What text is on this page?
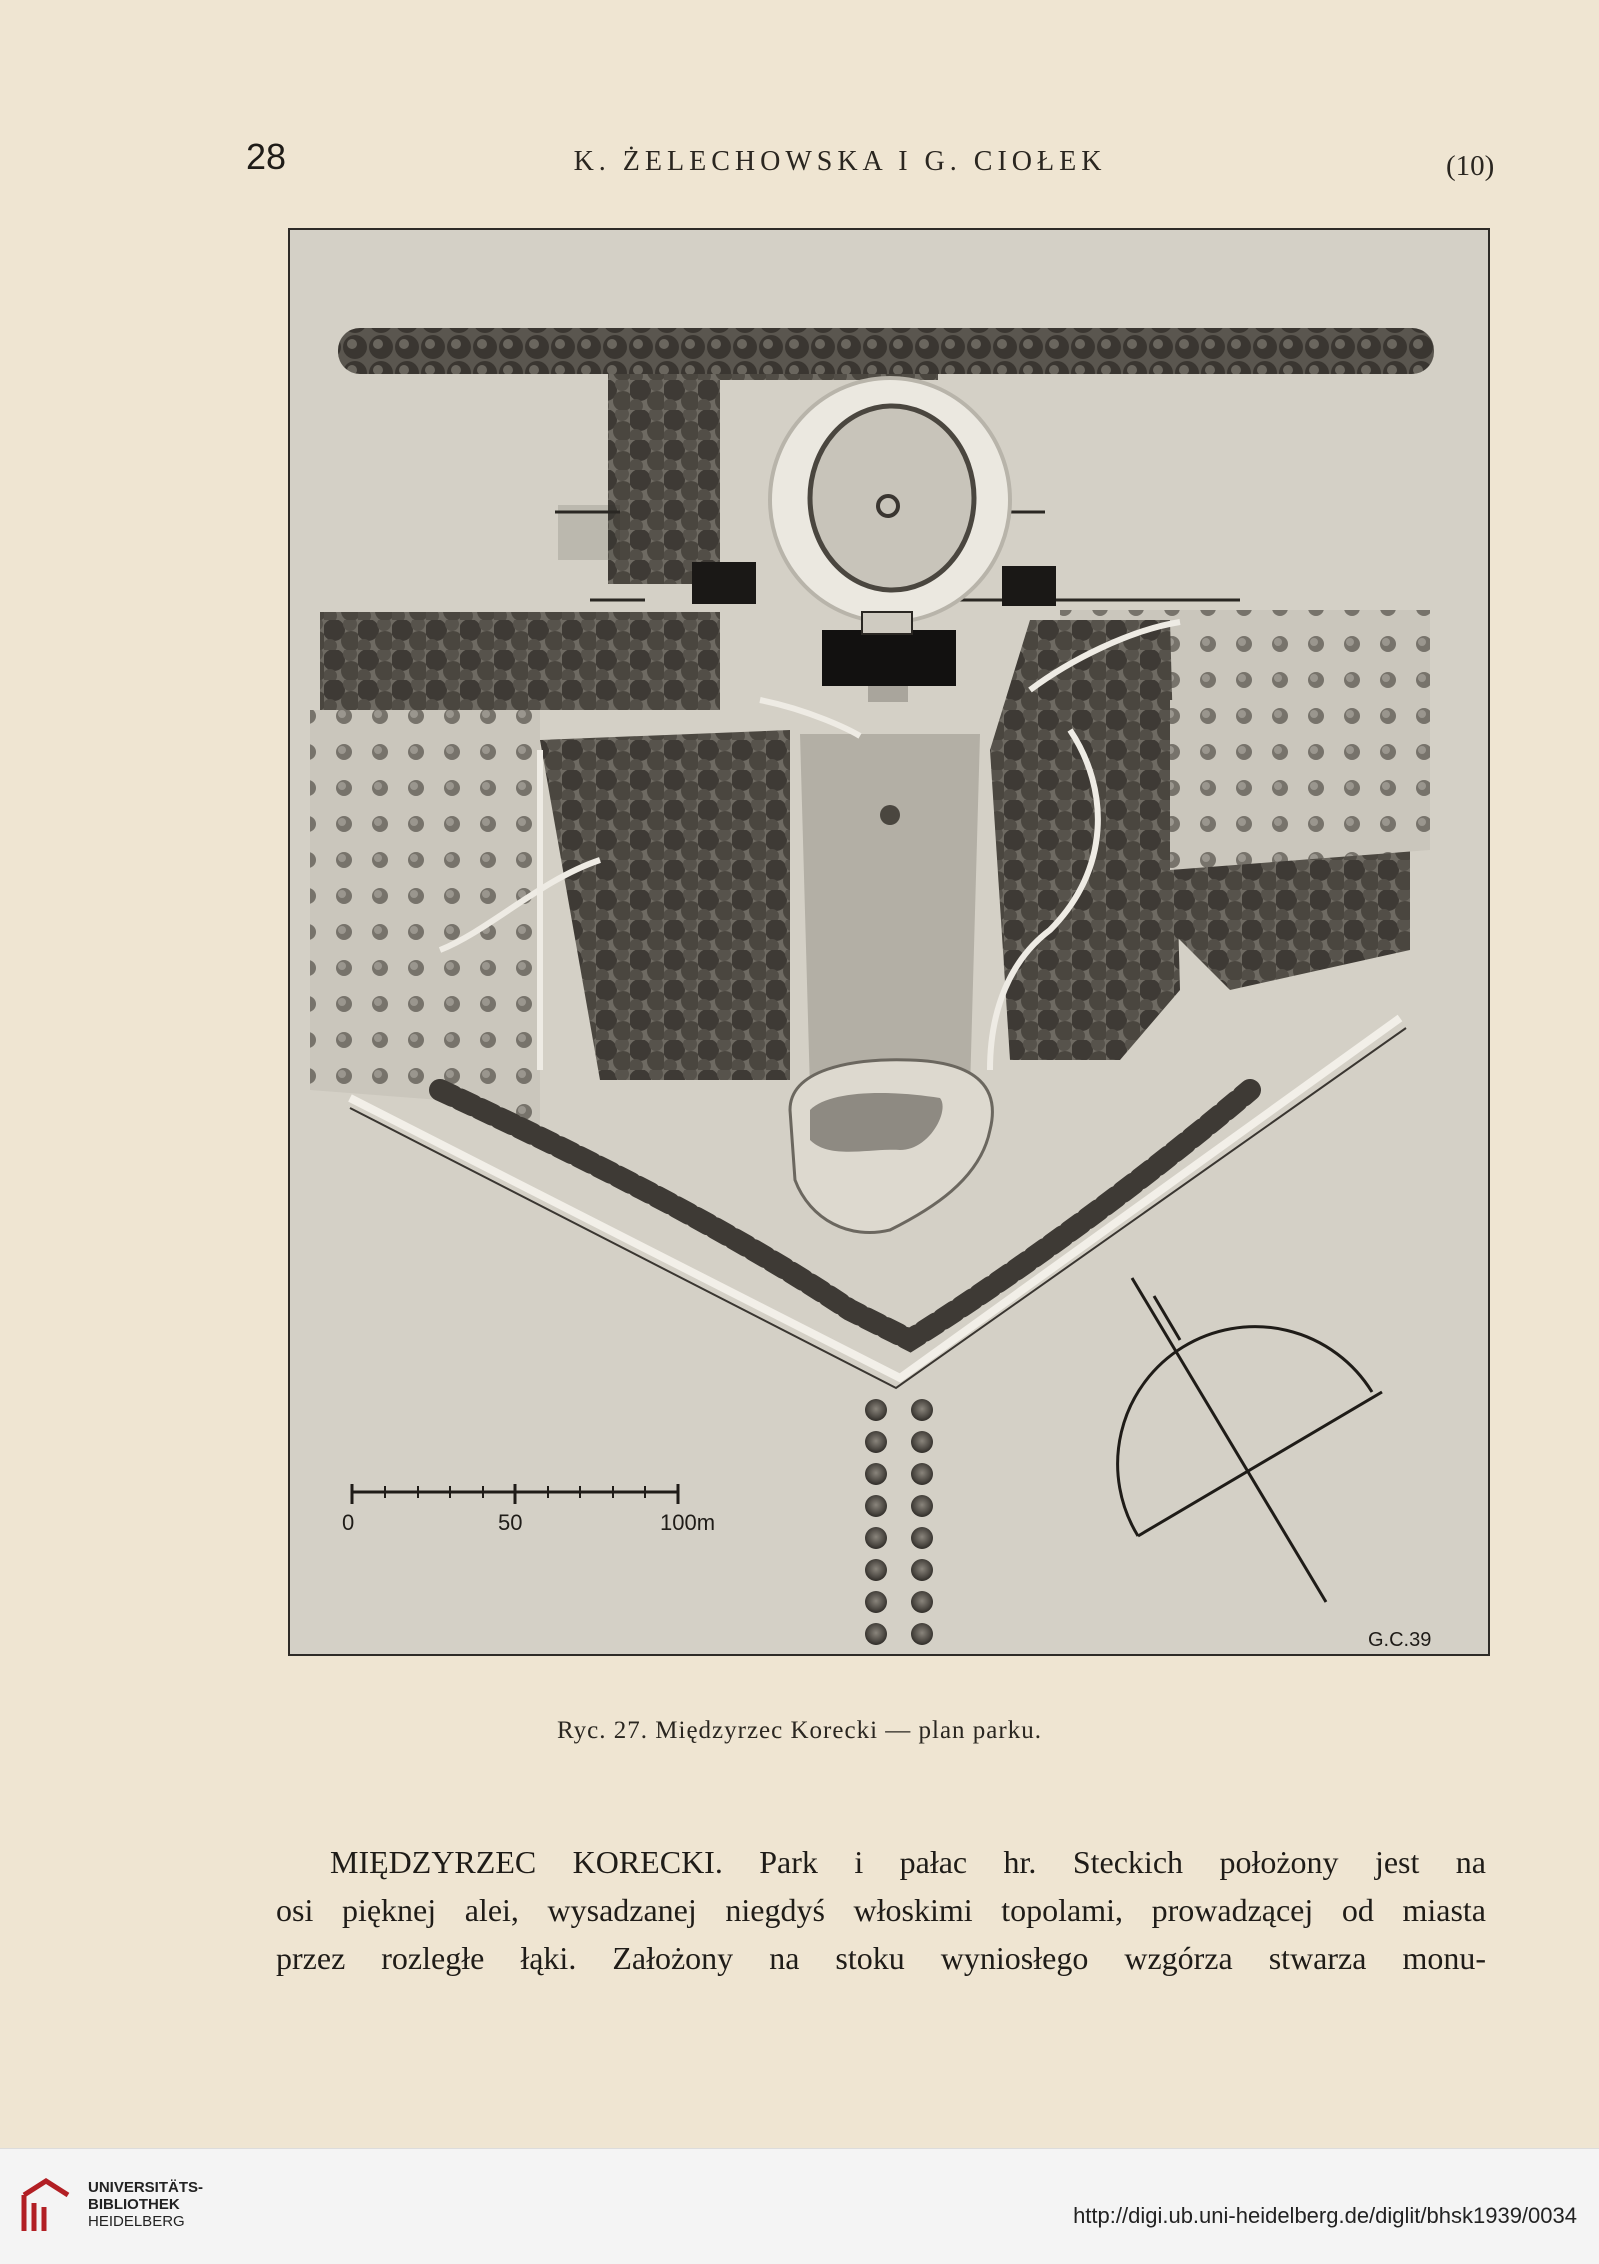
28	K. ŻELECHOWSKA I G. CIOŁEK	(10)
0	50	100m
G.C.39
Ryc. 27. Międzyrzec Korecki — plan parku.
MIĘDZYRZEC KORECKI. Park i pałac hr. Steckich położony jest na
osi pięknej alei, wysadzanej niegdyś włoskimi topolami, prowadzącej od miasta
przez rozległe łąki. Założony na stoku wyniosłego wzgórza stwarza monu-
UNIVERSITÄTS-
BIBLIOTHEK
HEIDELBERG	http://digi.ub.uni-heidelberg.de/diglit/bhsk1939/0034
